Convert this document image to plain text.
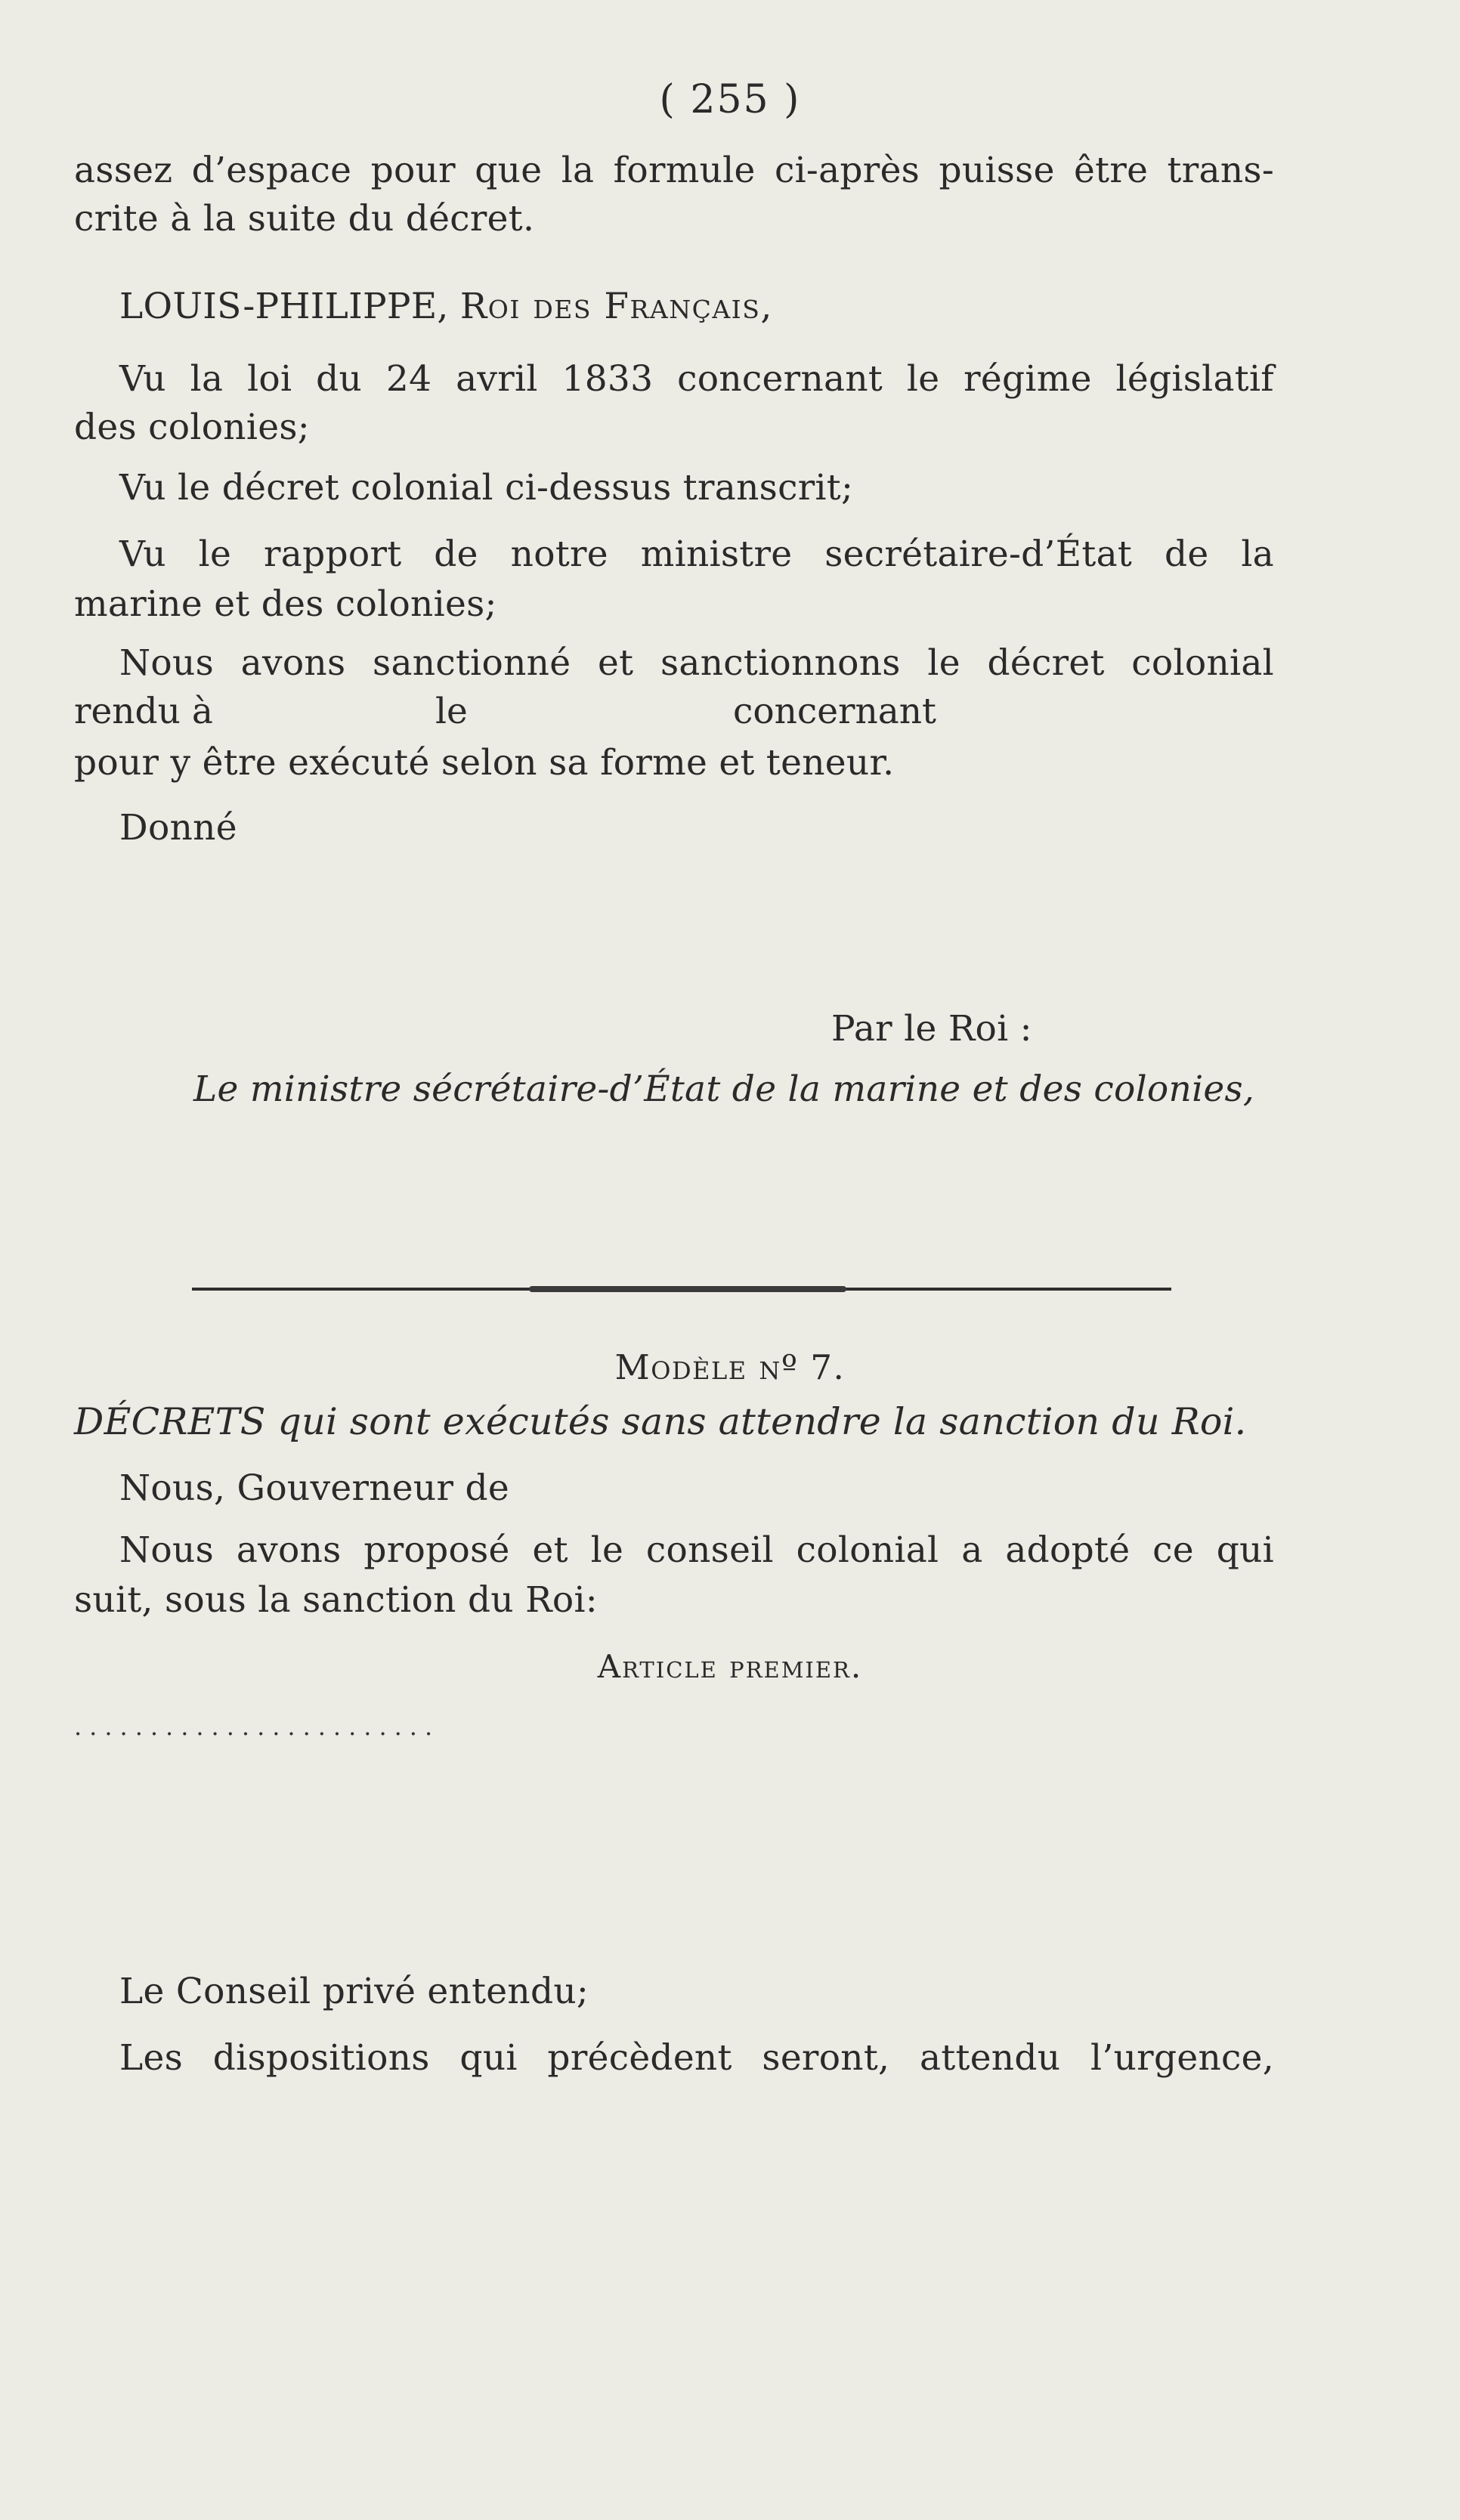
( 255 )
assez d’espace pour que la formule ci-après puisse être trans-
crite à la suite du décret.
LOUIS-PHILIPPE, Roi des Français,
Vu la loi du 24 avril 1833 concernant le régime législatif
des colonies;
Vu le décret colonial ci-dessus transcrit;
Vu le rapport de notre ministre secrétaire-d’État de la
marine et des colonies;
Nous avons sanctionné et sanctionnons le décret colonial
rendu à	le	concernant
pour y être exécuté selon sa forme et teneur.
Donné
Par le Roi :
Le ministre sécrétaire-d’État de la marine et des colonies,
Modèle nº 7.
DÉCRETS qui sont exécutés sans attendre la sanction du Roi.
Nous, Gouverneur de
Nous avons proposé et le conseil colonial a adopté ce qui
suit, sous la sanction du Roi:
Article premier.
........................
Le Conseil privé entendu;
Les dispositions qui précèdent seront, attendu l’urgence,
